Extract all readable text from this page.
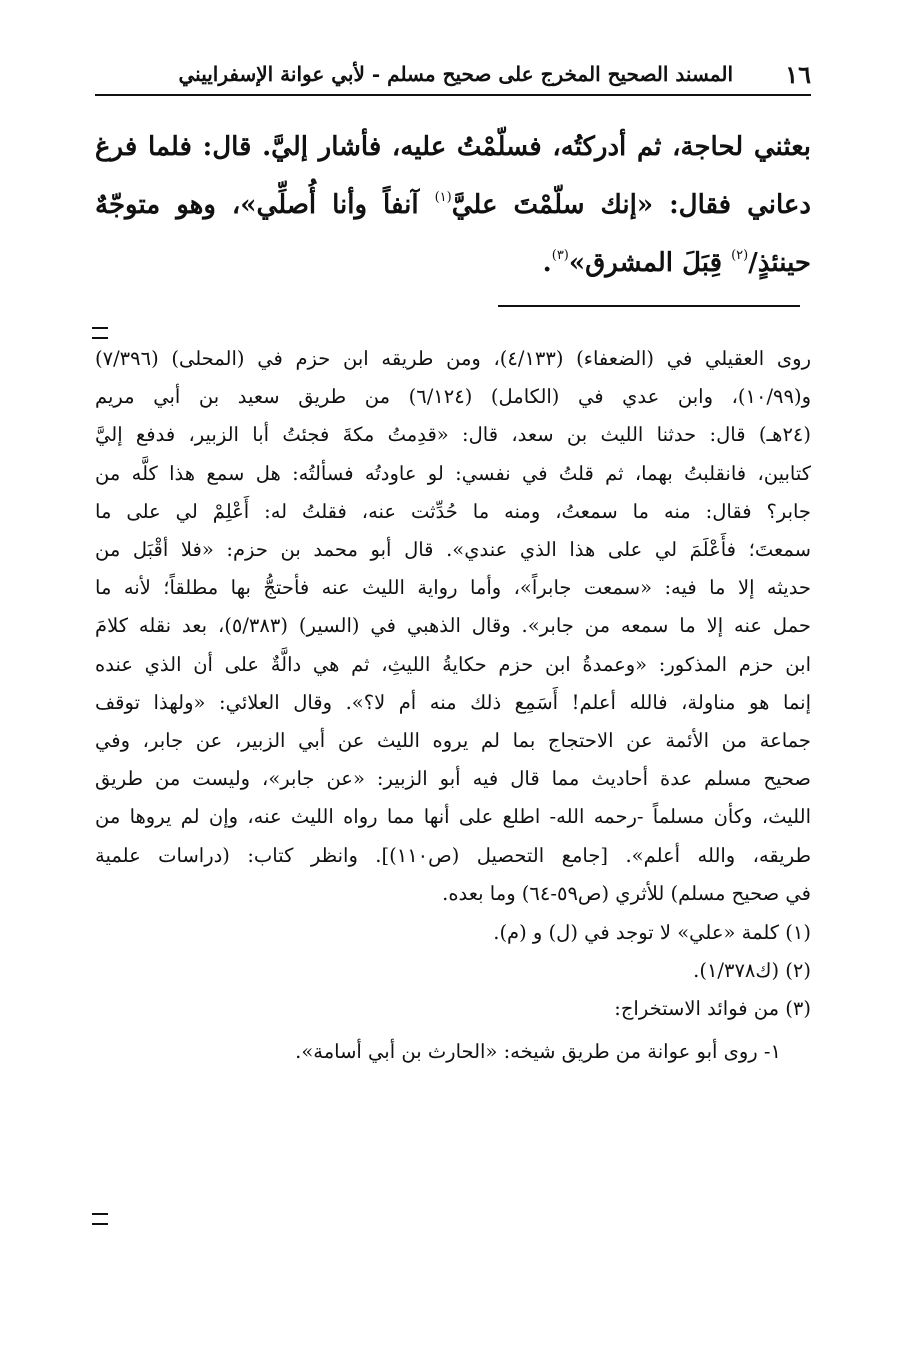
١٦
المسند الصحيح المخرج على صحيح مسلم - لأبي عوانة الإسفراييني
بعثني لحاجة، ثم أدركتُه، فسلّمْتُ عليه، فأشار إليَّ. قال: فلما فرغ
دعاني فقال: «إنك سلّمْتَ عليَّ$^{(١)}$ آنفاً وأنا أُصلِّي»، وهو متوجّهٌ
حينئذٍ/$^{(٢)}$ قِبَلَ المشرق»$^{(٣)}$.
روى العقيلي في (الضعفاء) (٤/١٣٣)، ومن طريقه ابن حزم في (المحلى) (٧/٣٩٦)
و(١٠/٩٩)، وابن عدي في (الكامل) (٦/١٢٤) من طريق سعيد بن أبي مريم
(٢٤هـ) قال: حدثنا الليث بن سعد، قال: «قدِمتُ مكةَ فجئتُ أبا الزبير، فدفع إليَّ
كتابين، فانقلبتُ بهما، ثم قلتُ في نفسي: لو عاودتُه فسألتُه: هل سمع هذا كلَّه من
جابر؟ فقال: منه ما سمعتُ، ومنه ما حُدِّثت عنه، فقلتُ له: أَعْلِمْ لي على ما
سمعتَ؛ فأَعْلَمَ لي على هذا الذي عندي». قال أبو محمد بن حزم: «فلا أقْبَل من
حديثه إلا ما فيه: «سمعت جابراً»، وأما رواية الليث عنه فأحتجُّ بها مطلقاً؛ لأنه ما
حمل عنه إلا ما سمعه من جابر». وقال الذهبي في (السير) (٥/٣٨٣)، بعد نقله كلامَ
ابن حزم المذكور: «وعمدةُ ابن حزم حكايةُ الليثِ، ثم هي دالَّةٌ على أن الذي عنده
إنما هو مناولة، فالله أعلم! أَسَمِع ذلك منه أم لا؟». وقال العلائي: «ولهذا توقف
جماعة من الأئمة عن الاحتجاج بما لم يروه الليث عن أبي الزبير، عن جابر، وفي
صحيح مسلم عدة أحاديث مما قال فيه أبو الزبير: «عن جابر»، وليست من طريق
الليث، وكأن مسلماً -رحمه الله- اطلع على أنها مما رواه الليث عنه، وإن لم يروها من
طريقه، والله أعلم». [جامع التحصيل (ص١١٠)]. وانظر كتاب: (دراسات علمية
في صحيح مسلم) للأثري (ص٥٩-٦٤) وما بعده.
(١) كلمة «علي» لا توجد في (ل) و (م).
(٢) (ك١/٣٧٨).
(٣) من فوائد الاستخراج:
١- روى أبو عوانة من طريق شيخه: «الحارث بن أبي أسامة».
